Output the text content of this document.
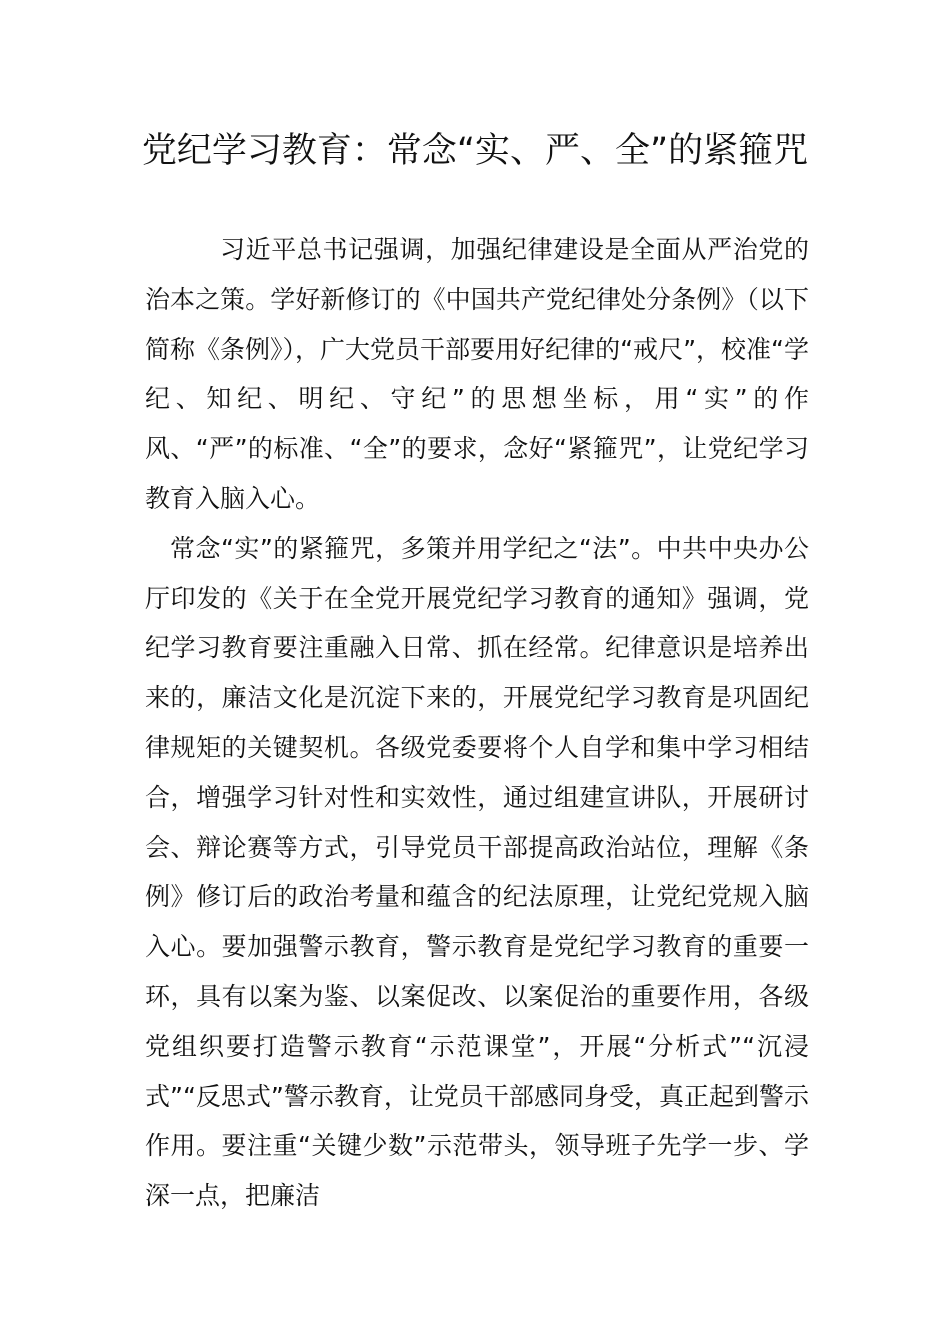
党纪学习教育：常念“实、严、全”的紧箍咒

习近平总书记强调，加强纪律建设是全面从严治党的治本之策。学好新修订的《中国共产党纪律处分条例》（以下简称《条例》），广大党员干部要用好纪律的“戒尺”，校准“学纪、知纪、明纪、守纪”的思想坐标，用“实”的作风、“严”的标准、“全”的要求，念好“紧箍咒”，让党纪学习教育入脑入心。

常念“实”的紧箍咒，多策并用学纪之“法”。中共中央办公厅印发的《关于在全党开展党纪学习教育的通知》强调，党纪学习教育要注重融入日常、抓在经常。纪律意识是培养出来的，廉洁文化是沉淀下来的，开展党纪学习教育是巩固纪律规矩的关键契机。各级党委要将个人自学和集中学习相结合，增强学习针对性和实效性，通过组建宣讲队，开展研讨会、辩论赛等方式，引导党员干部提高政治站位，理解《条例》修订后的政治考量和蕴含的纪法原理，让党纪党规入脑入心。要加强警示教育，警示教育是党纪学习教育的重要一环，具有以案为鉴、以案促改、以案促治的重要作用，各级党组织要打造警示教育“示范课堂”，开展“分析式”“沉浸式”“反思式”警示教育，让党员干部感同身受，真正起到警示作用。要注重“关键少数”示范带头，领导班子先学一步、学深一点，把廉洁
